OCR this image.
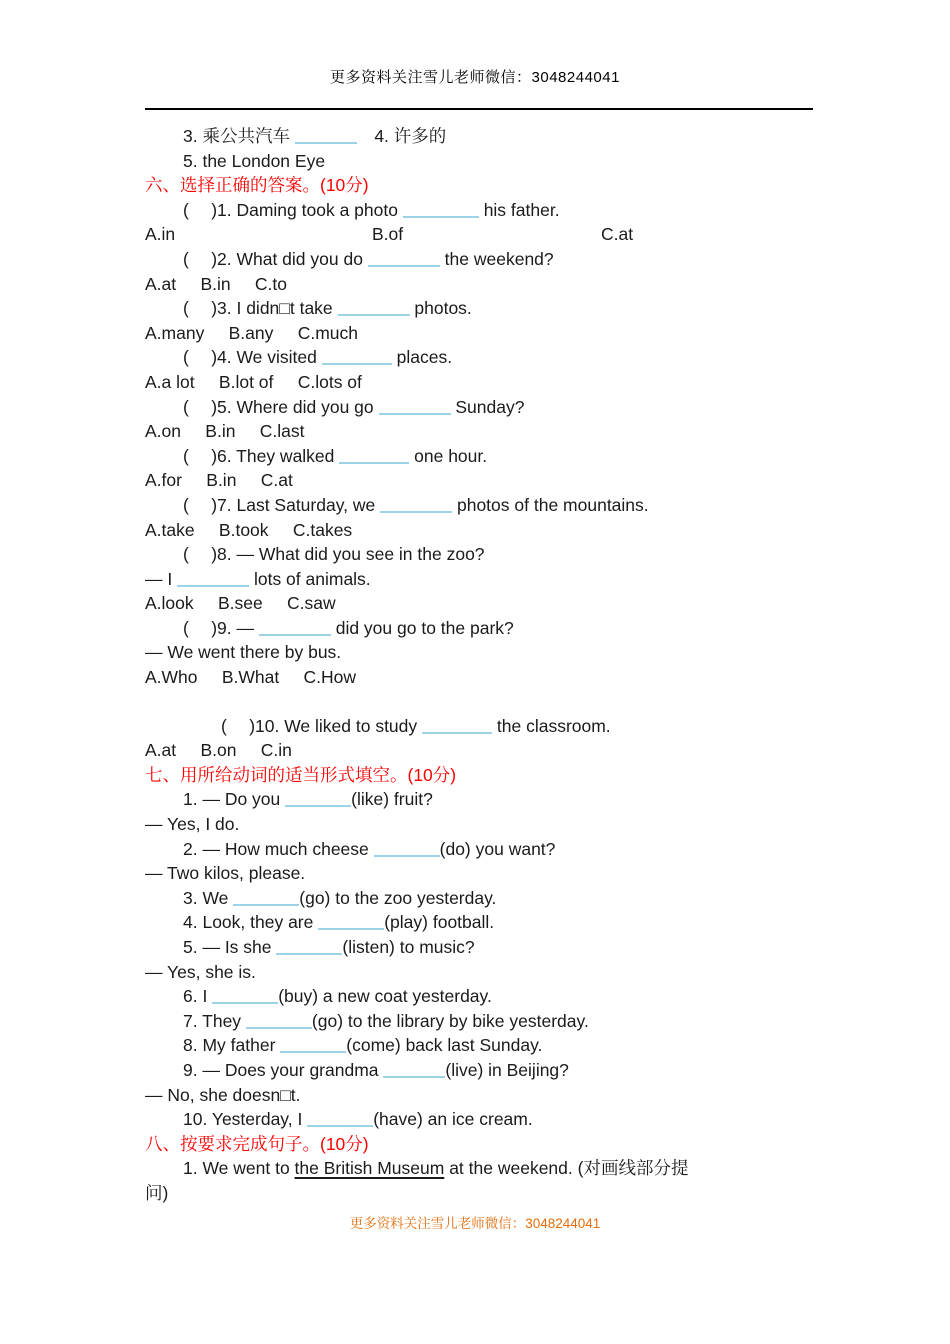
更多资料关注雪儿老师微信：3048244041
3. 乘公共汽车	　4. 许多的
5. the London Eye
六、选择正确的答案。(10分)
(　 )1. Daming took a photo	his father.
A.in	B.of	C.at
(　 )2. What did you do	the weekend?
A.at     B.in     C.to
(　 )3. I didn□t take	photos.
A.many     B.any     C.much
(　 )4. We visited	places.
A.a lot     B.lot of     C.lots of
(　 )5. Where did you go	Sunday?
A.on     B.in     C.last
(　 )6. They walked	one hour.
A.for     B.in     C.at
(　 )7. Last Saturday, we	photos of the mountains.
A.take     B.took     C.takes
(　 )8. — What did you see in the zoo?
— I	lots of animals.
A.look     B.see     C.saw
(　 )9. —	did you go to the park?
— We went there by bus.
A.Who     B.What     C.How
(　 )10. We liked to study	the classroom.
A.at     B.on     C.in
七、用所给动词的适当形式填空。(10分)
1. — Do you	(like) fruit?
— Yes, I do.
2. — How much cheese	(do) you want?
— Two kilos, please.
3. We	(go) to the zoo yesterday.
4. Look, they are	(play) football.
5. — Is she	(listen) to music?
— Yes, she is.
6. I	(buy) a new coat yesterday.
7. They	(go) to the library by bike yesterday.
8. My father	(come) back last Sunday.
9. — Does your grandma	(live) in Beijing?
— No, she doesn□t.
10. Yesterday, I	(have) an ice cream.
八、按要求完成句子。(10分)
1. We went to the British Museum at the weekend. (对画线部分提
问)
更多资料关注雪儿老师微信：3048244041
